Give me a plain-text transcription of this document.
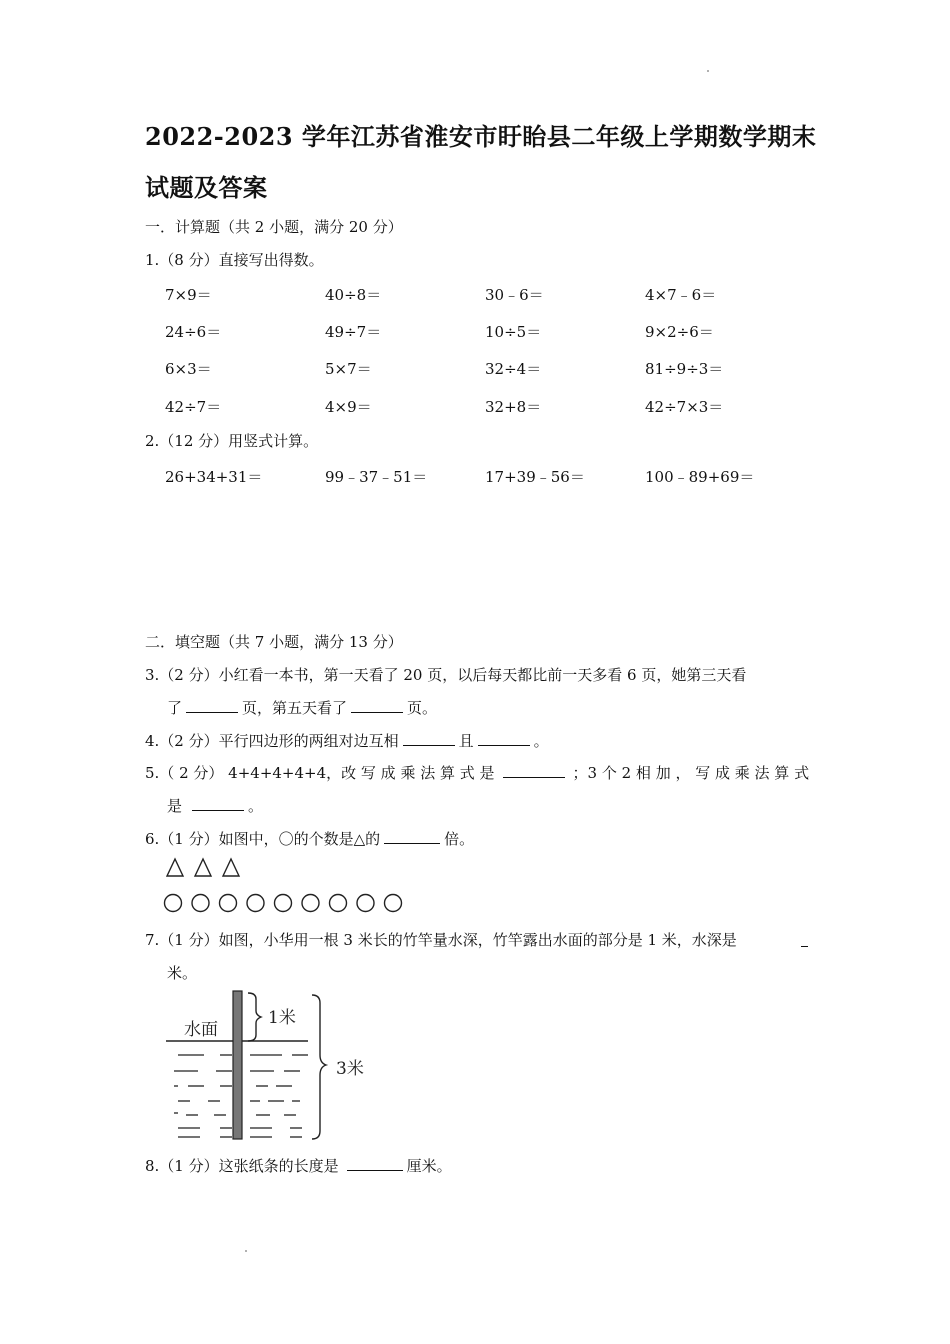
2022-2023 学年江苏省淮安市盱眙县二年级上学期数学期末
试题及答案
一．计算题（共 2 小题，满分 20 分）
1.（8 分）直接写出得数。
7×9＝	40÷8＝	30﹣6＝	4×7﹣6＝
24÷6＝	49÷7＝	10÷5＝	9×2÷6＝
6×3＝	5×7＝	32÷4＝	81÷9÷3＝
42÷7＝	4×9＝	32+8＝	42÷7×3＝
2.（12 分）用竖式计算。
26+34+31＝	99﹣37﹣51＝	17+39﹣56＝	100﹣89+69＝
二．填空题（共 7 小题，满分 13 分）
3.（2 分）小红看一本书，第一天看了 20 页，以后每天都比前一天多看 6 页，她第三天看
了	页，第五天看了	页。
4.（2 分）平行四边形的两组对边互相	且	。
5.（ 2 分） 4+4+4+4+4，改 写 成 乘 法 算 式 是	；3 个 2 相 加 ， 写 成 乘 法 算 式
是	。
6.（1 分）如图中，〇的个数是△的	倍。
7.（1 分）如图，小华用一根 3 米长的竹竿量水深，竹竿露出水面的部分是 1 米，水深是
米。
水面
1米
3米
8.（1 分）这张纸条的长度是	厘米。
